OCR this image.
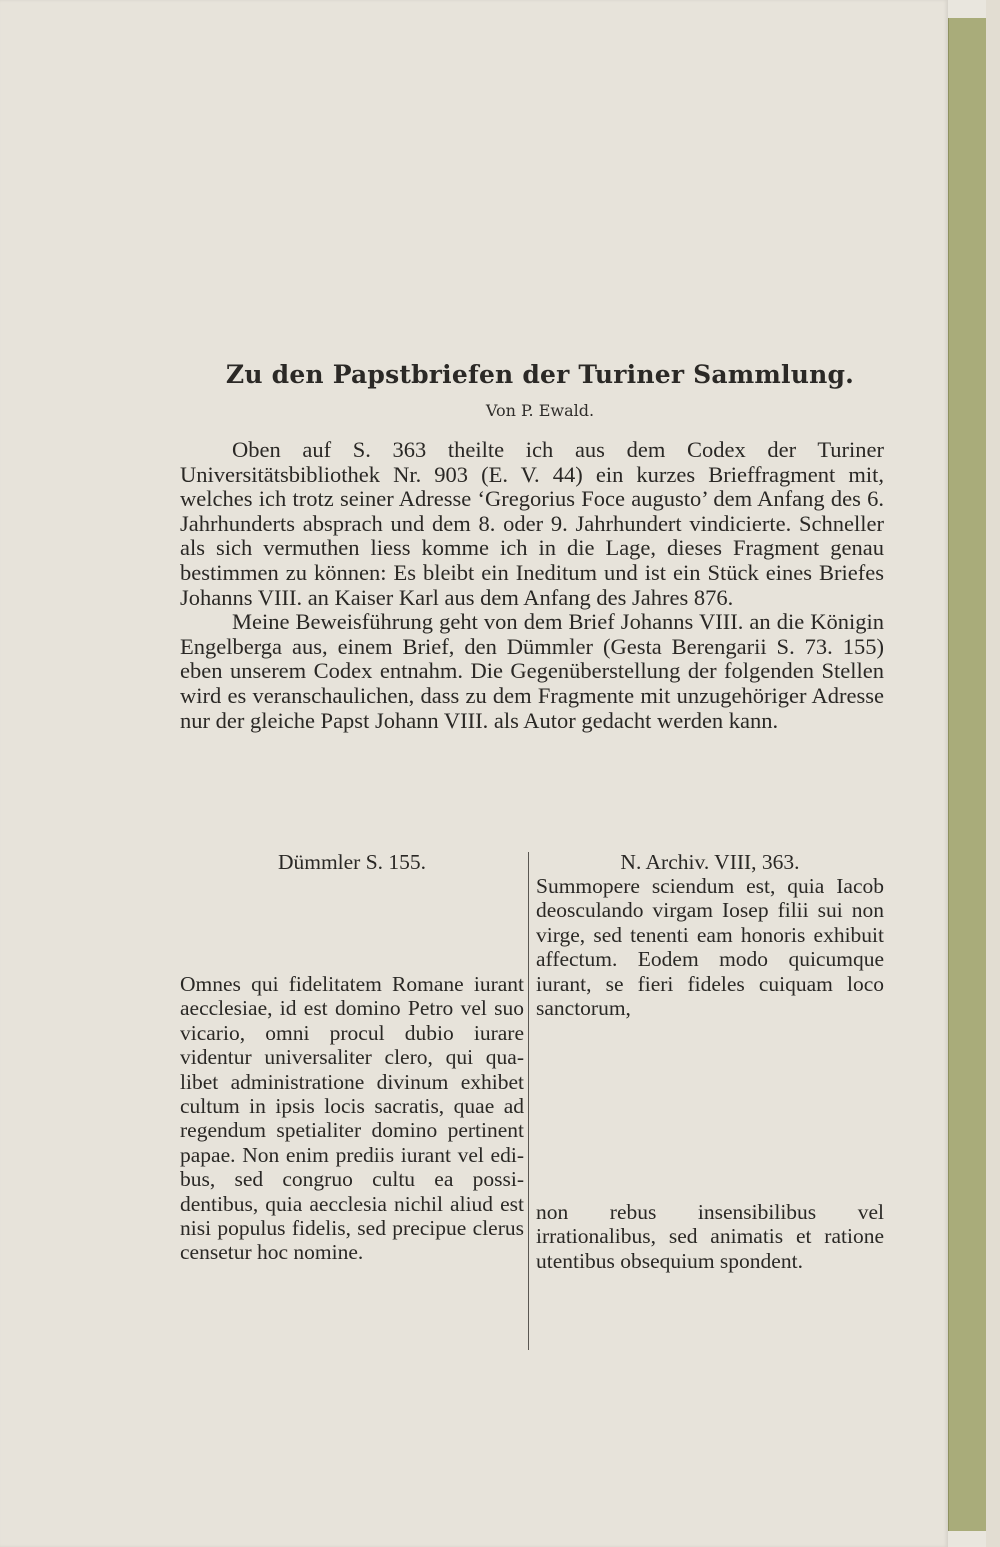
Zu den Papstbriefen der Turiner Sammlung.
Von P. Ewald.

Oben auf S. 363 theilte ich aus dem Codex der Turiner Universitätsbibliothek Nr. 903 (E. V. 44) ein kurzes Brieffragment mit, welches ich trotz seiner Adresse ‘Gregorius Foce augusto’ dem Anfang des 6. Jahrhunderts absprach und dem 8. oder 9. Jahrhundert vindicierte. Schneller als sich vermuthen liess komme ich in die Lage, dieses Fragment genau bestimmen zu können: Es bleibt ein Ineditum und ist ein Stück eines Briefes Johanns VIII. an Kaiser Karl aus dem Anfang des Jahres 876.

Meine Beweisführung geht von dem Brief Johanns VIII. an die Königin Engelberga aus, einem Brief, den Dümmler (Gesta Berengarii S. 73. 155) eben unserem Codex entnahm. Die Gegenüberstellung der folgenden Stellen wird es veranschaulichen, dass zu dem Fragmente mit unzugehöriger Adresse nur der gleiche Papst Johann VIII. als Autor gedacht werden kann.

Dümmler S. 155.

Omnes qui fidelitatem Romane iurant aecclesiae, id est domino Petro vel suo vicario, omni procul dubio iurare videntur universaliter clero, qui qualibet administratione divinum exhibet cultum in ipsis locis sacratis, quae ad regendum spetialiter domino pertinent papae. Non enim prediis iurant vel edibus, sed congruo cultu ea possidentibus, quia aecclesia nichil aliud est nisi populus fidelis, sed precipue clerus censetur hoc nomine.

N. Archiv. VIII, 363.

Summopere sciendum est, quia Iacob deosculando virgam Iosep filii sui non virge, sed tenenti eam honoris exhibuit affectum. Eodem modo quicumque iurant, se fieri fideles cuiquam loco sanctorum,

non rebus insensibilibus vel irrationalibus, sed animatis et ratione utentibus obsequium spondent.
